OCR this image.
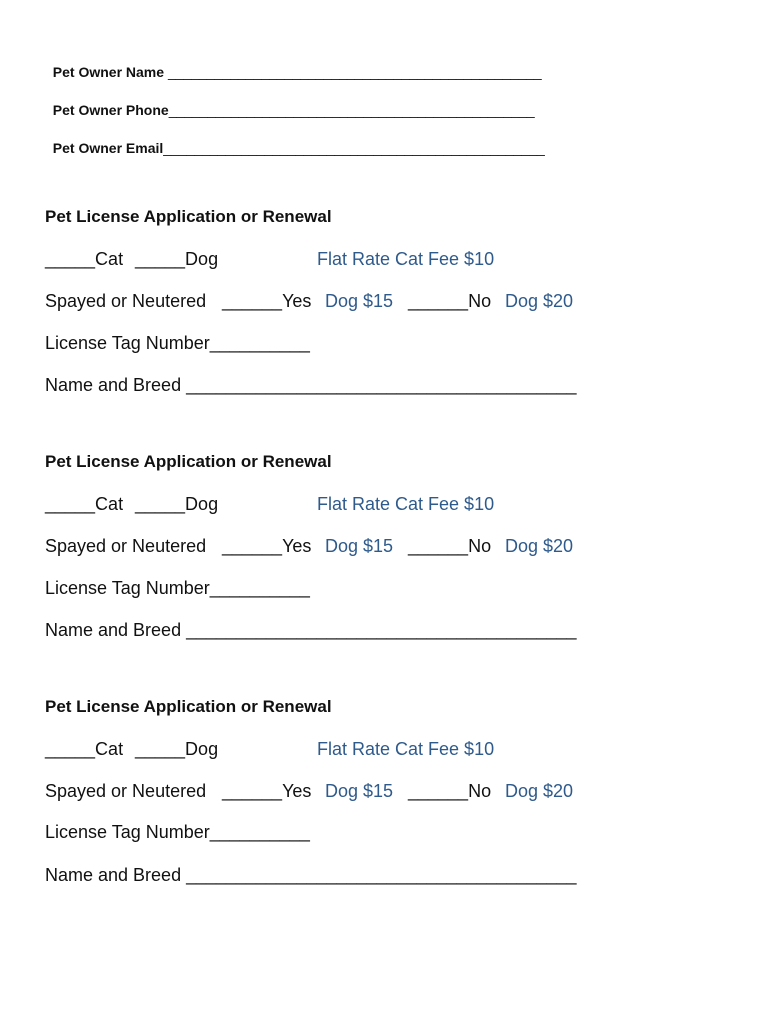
Pet Owner Name ________________________________________________

Pet Owner Phone_______________________________________________

Pet Owner Email_________________________________________________

Pet License Application or Renewal
_____Cat _____Dog	Flat Rate Cat Fee $10
Spayed or Neutered ______Yes Dog $15 ______No Dog $20
License Tag Number__________
Name and Breed _______________________________________
Pet License Application or Renewal
_____Cat _____Dog	Flat Rate Cat Fee $10
Spayed or Neutered ______Yes Dog $15 ______No Dog $20
License Tag Number__________
Name and Breed _______________________________________
Pet License Application or Renewal
_____Cat _____Dog	Flat Rate Cat Fee $10
Spayed or Neutered ______Yes Dog $15 ______No Dog $20
License Tag Number__________
Name and Breed _______________________________________
